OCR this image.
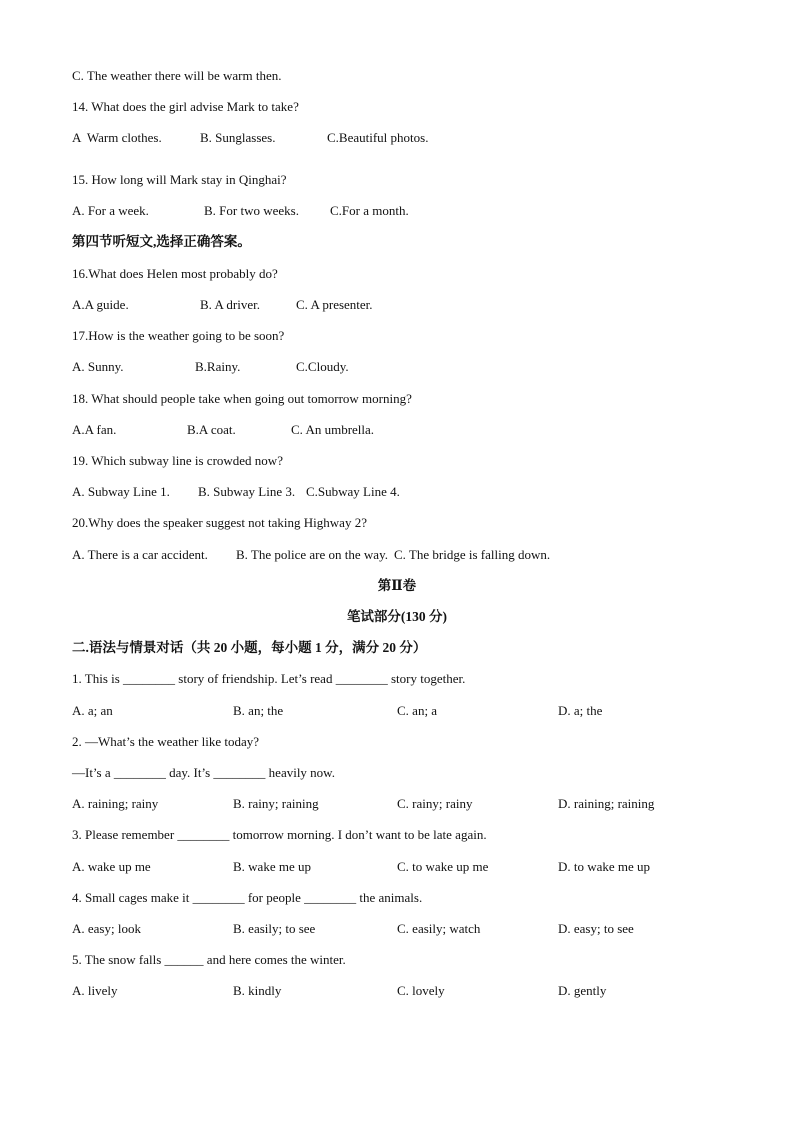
C. The weather there will be warm then.
14. What does the girl advise Mark to take?
A  Warm clothes.	B. Sunglasses.	C.Beautiful photos.
15. How long will Mark stay in Qinghai?
A. For a week.	B. For two weeks. C.For a month.
第四节听短文,选择正确答案。
16.What does Helen most probably do?
A.A guide.	B. A driver.	C. A presenter.
17.How is the weather going to be soon?
A. Sunny.	B.Rainy.	C.Cloudy.
18. What should people take when going out tomorrow morning?
A.A fan.	B.A coat.	C. An umbrella.
19. Which subway line is crowded now?
A. Subway Line 1. B. Subway Line 3. C.Subway Line 4.
20.Why does the speaker suggest not taking Highway 2?
A. There is a car accident. B. The police are on the way. C. The bridge is falling down.
第Ⅱ卷
笔试部分(130 分)
二.语法与情景对话（共 20 小题，每小题 1 分，满分 20 分）
1. This is ________ story of friendship. Let’s read ________ story together.
A. a; an	B. an; the	C. an; a	D. a; the
2. —What’s the weather like today?
—It’s a ________ day. It’s ________ heavily now.
A. raining; rainy	B. rainy; raining	C. rainy; rainy	D. raining; raining
3. Please remember ________ tomorrow morning. I don’t want to be late again.
A. wake up me	B. wake me up	C. to wake up me	D. to wake me up
4. Small cages make it ________ for people ________ the animals.
A. easy; look	B. easily; to see	C. easily; watch	D. easy; to see
5. The snow falls ______ and here comes the winter.
A. lively	B. kindly	C. lovely	D. gently
